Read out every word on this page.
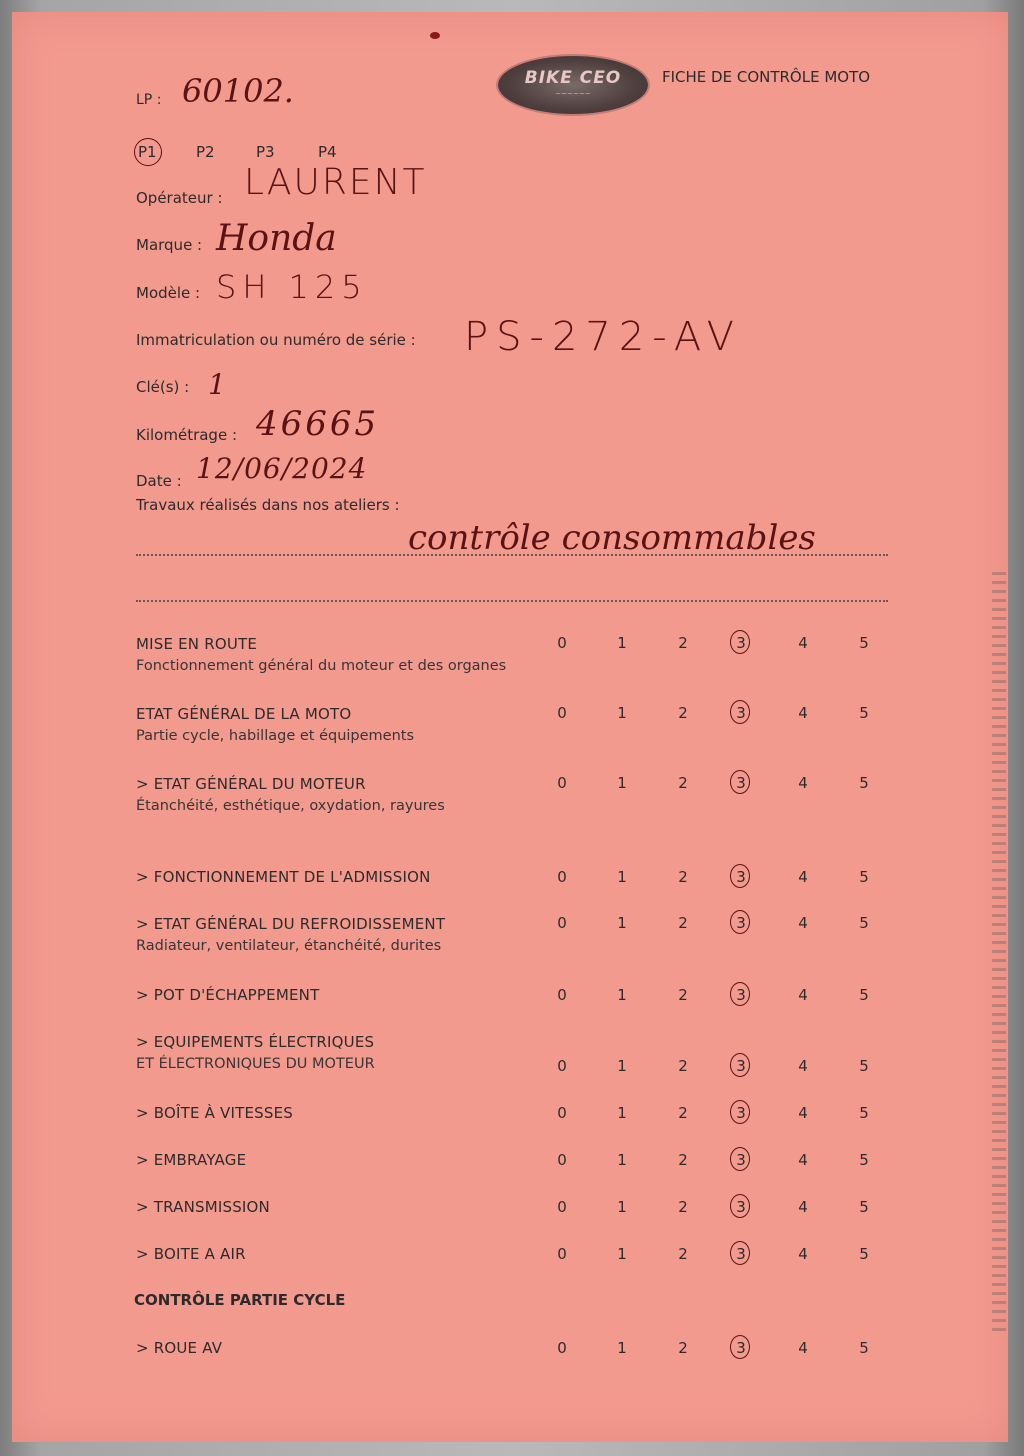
LP : 60102.	BIKE CEO
~~~~~~
FICHE DE CONTRÔLE MOTO
P1	P2	P3	P4
Opérateur : LAURENT
Marque : Honda
Modèle : SH 125
Immatriculation ou numéro de série : PS-272-AV
Clé(s) : 1
Kilométrage : 46665
Date : 12/06/2024
Travaux réalisés dans nos ateliers :
contrôle consommables
MISE EN ROUTE
Fonctionnement général du moteur et des organes
0	1	2	3	4	5
ETAT GÉNÉRAL DE LA MOTO
Partie cycle, habillage et équipements
0	1	2	3	4	5
> ETAT GÉNÉRAL DU MOTEUR
Étanchéité, esthétique, oxydation, rayures
0	1	2	3	4	5
> FONCTIONNEMENT DE L'ADMISSION	0	1	2	3	4	5
> ETAT GÉNÉRAL DU REFROIDISSEMENT
Radiateur, ventilateur, étanchéité, durites
0	1	2	3	4	5
> POT D'ÉCHAPPEMENT	0	1	2	3	4	5
> EQUIPEMENTS ÉLECTRIQUES
ET ÉLECTRONIQUES DU MOTEUR	0	1	2	3	4	5
> BOÎTE À VITESSES	0	1	2	3	4	5
> EMBRAYAGE	0	1	2	3	4	5
> TRANSMISSION	0	1	2	3	4	5
> BOITE A AIR	0	1	2	3	4	5
CONTRÔLE PARTIE CYCLE
> ROUE AV	0	1	2	3	4	5
